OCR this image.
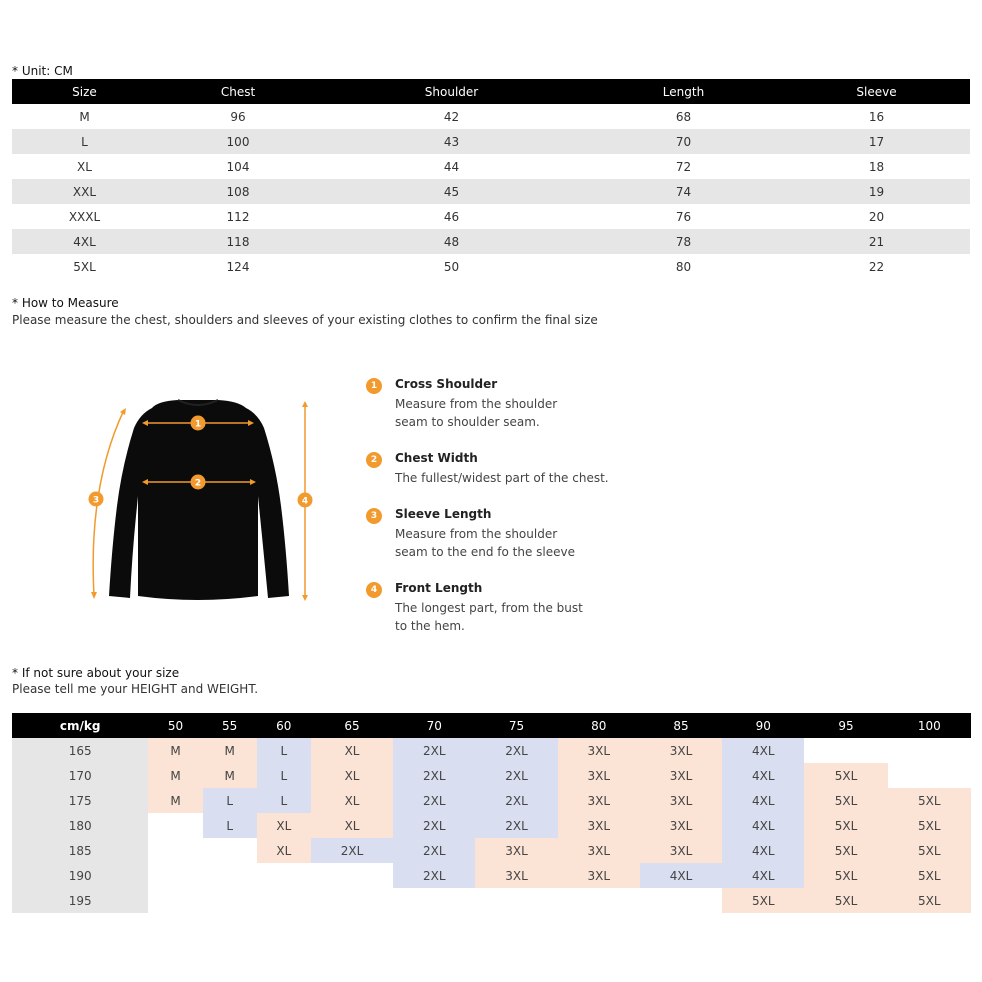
* Unit: CM
Size	Chest	Shoulder	Length	Sleeve
M	96	42	68	16
L	100	43	70	17
XL	104	44	72	18
XXL	108	45	74	19
XXXL	112	46	76	20
4XL	118	48	78	21
5XL	124	50	80	22
* How to Measure
Please measure the chest, shoulders and sleeves of your existing clothes to confirm the final size
1
2
3	4
1	Cross Shoulder
Measure from the shoulder seam to shoulder seam.
2	Chest Width
The fullest/widest part of the chest.
3	Sleeve Length
Measure from the shoulder seam to the end fo the sleeve
4	Front Length
The longest part, from the bust to the hem.
* If not sure about your size
Please tell me your HEIGHT and WEIGHT.
cm/kg	50	55	60	65	70	75	80	85	90	95	100
165	M	M	L	XL	2XL	2XL	3XL	3XL	4XL		
170	M	M	L	XL	2XL	2XL	3XL	3XL	4XL	5XL	
175	M	L	L	XL	2XL	2XL	3XL	3XL	4XL	5XL	5XL
180		L	XL	XL	2XL	2XL	3XL	3XL	4XL	5XL	5XL
185			XL	2XL	2XL	3XL	3XL	3XL	4XL	5XL	5XL
190					2XL	3XL	3XL	4XL	4XL	5XL	5XL
195									5XL	5XL	5XL
